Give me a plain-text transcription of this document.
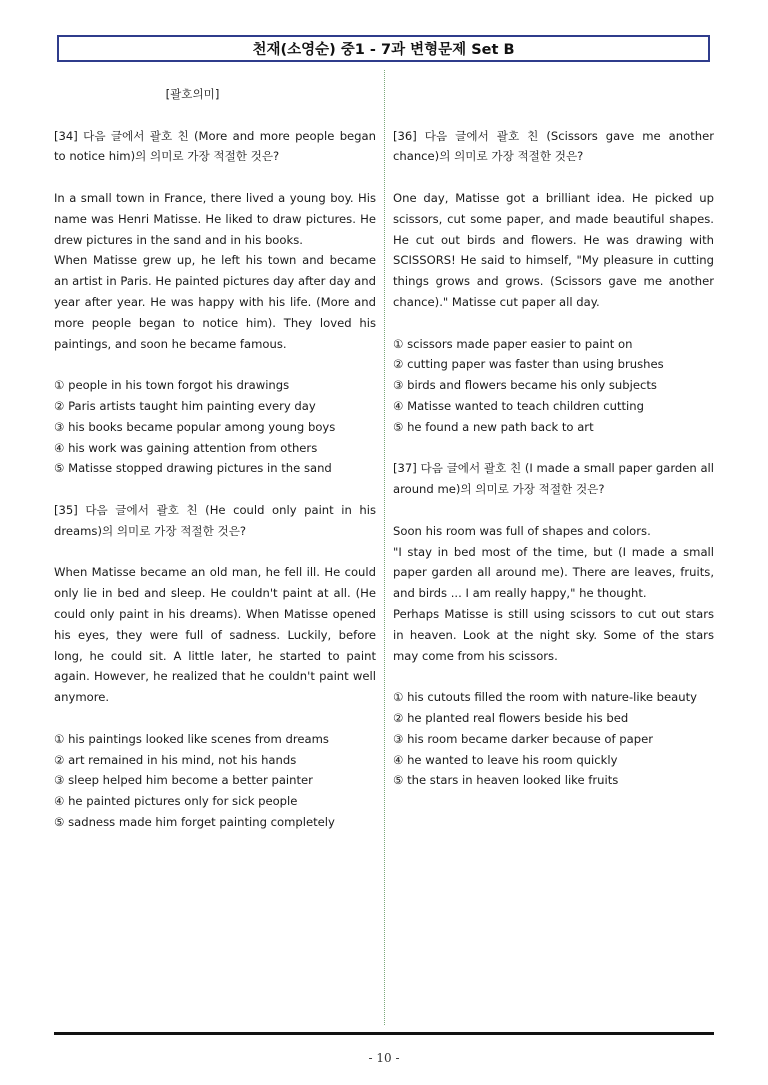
천재(소영순) 중1 - 7과 변형문제 Set B

[괄호의미]

[34] 다음 글에서 괄호 친 (More and more people began to notice him)의 의미로 가장 적절한 것은?

In a small town in France, there lived a young boy. His name was Henri Matisse. He liked to draw pictures. He drew pictures in the sand and in his books.

When Matisse grew up, he left his town and became an artist in Paris. He painted pictures day after day and year after year. He was happy with his life. (More and more people began to notice him). They loved his paintings, and soon he became famous.

① people in his town forgot his drawings
② Paris artists taught him painting every day
③ his books became popular among young boys
④ his work was gaining attention from others
⑤ Matisse stopped drawing pictures in the sand

[35] 다음 글에서 괄호 친 (He could only paint in his dreams)의 의미로 가장 적절한 것은?

When Matisse became an old man, he fell ill. He could only lie in bed and sleep. He couldn't paint at all. (He could only paint in his dreams). When Matisse opened his eyes, they were full of sadness. Luckily, before long, he could sit. A little later, he started to paint again. However, he realized that he couldn't paint well anymore.

① his paintings looked like scenes from dreams
② art remained in his mind, not his hands
③ sleep helped him become a better painter
④ he painted pictures only for sick people
⑤ sadness made him forget painting completely

[36] 다음 글에서 괄호 친 (Scissors gave me another chance)의 의미로 가장 적절한 것은?

One day, Matisse got a brilliant idea. He picked up scissors, cut some paper, and made beautiful shapes. He cut out birds and flowers. He was drawing with SCISSORS! He said to himself, "My pleasure in cutting things grows and grows. (Scissors gave me another chance)." Matisse cut paper all day.

① scissors made paper easier to paint on
② cutting paper was faster than using brushes
③ birds and flowers became his only subjects
④ Matisse wanted to teach children cutting
⑤ he found a new path back to art

[37] 다음 글에서 괄호 친 (I made a small paper garden all around me)의 의미로 가장 적절한 것은?

Soon his room was full of shapes and colors.

"I stay in bed most of the time, but (I made a small paper garden all around me). There are leaves, fruits, and birds ... I am really happy," he thought.

Perhaps Matisse is still using scissors to cut out stars in heaven. Look at the night sky. Some of the stars may come from his scissors.

① his cutouts filled the room with nature-like beauty
② he planted real flowers beside his bed
③ his room became darker because of paper
④ he wanted to leave his room quickly
⑤ the stars in heaven looked like fruits
- 10 -
